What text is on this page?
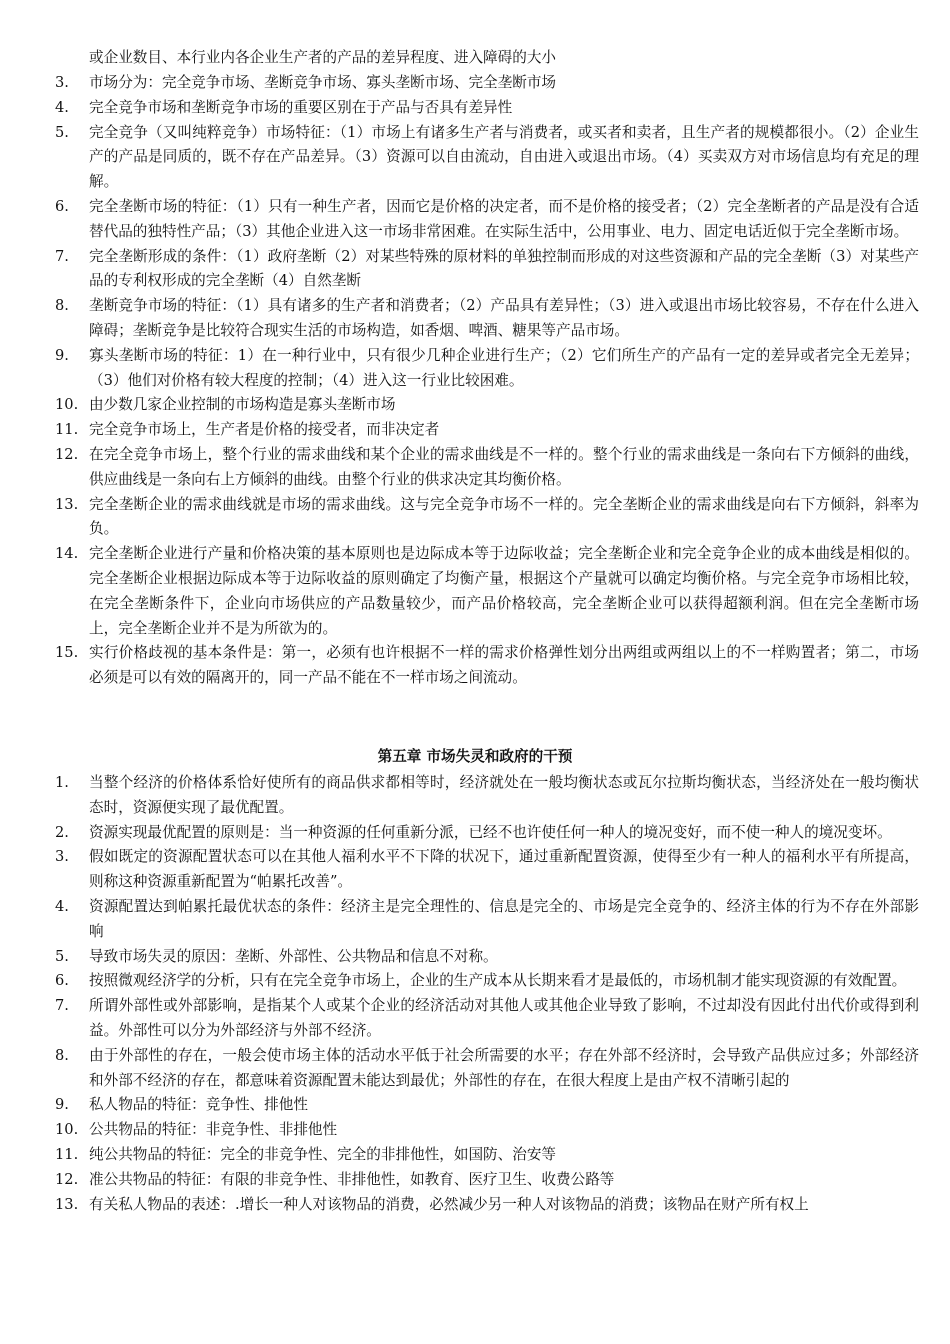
或企业数目、本行业内各企业生产者的产品的差异程度、进入障碍的大小

3. 市场分为：完全竞争市场、垄断竞争市场、寡头垄断市场、完全垄断市场
4. 完全竞争市场和垄断竞争市场的重要区别在于产品与否具有差异性
5. 完全竞争（又叫纯粹竞争）市场特征：（1）市场上有诸多生产者与消费者，或买者和卖者，且生产者的规模都很小。（2）企业生产的产品是同质的，既不存在产品差异。（3）资源可以自由流动，自由进入或退出市场。（4）买卖双方对市场信息均有充足的理解。
6. 完全垄断市场的特征：（1）只有一种生产者，因而它是价格的决定者，而不是价格的接受者；（2）完全垄断者的产品是没有合适替代品的独特性产品；（3）其他企业进入这一市场非常困难。在实际生活中，公用事业、电力、固定电话近似于完全垄断市场。
7. 完全垄断形成的条件：（1）政府垄断（2）对某些特殊的原材料的单独控制而形成的对这些资源和产品的完全垄断（3）对某些产品的专利权形成的完全垄断（4）自然垄断
8. 垄断竞争市场的特征：（1）具有诸多的生产者和消费者；（2）产品具有差异性；（3）进入或退出市场比较容易，不存在什么进入障碍；垄断竞争是比较符合现实生活的市场构造，如香烟、啤酒、糖果等产品市场。
9. 寡头垄断市场的特征：1）在一种行业中，只有很少几种企业进行生产；（2）它们所生产的产品有一定的差异或者完全无差异；（3）他们对价格有较大程度的控制；（4）进入这一行业比较困难。
10. 由少数几家企业控制的市场构造是寡头垄断市场
11. 完全竞争市场上，生产者是价格的接受者，而非决定者
12. 在完全竞争市场上，整个行业的需求曲线和某个企业的需求曲线是不一样的。整个行业的需求曲线是一条向右下方倾斜的曲线，供应曲线是一条向右上方倾斜的曲线。由整个行业的供求决定其均衡价格。
13. 完全垄断企业的需求曲线就是市场的需求曲线。这与完全竞争市场不一样的。完全垄断企业的需求曲线是向右下方倾斜，斜率为负。
14. 完全垄断企业进行产量和价格决策的基本原则也是边际成本等于边际收益；完全垄断企业和完全竞争企业的成本曲线是相似的。完全垄断企业根据边际成本等于边际收益的原则确定了均衡产量，根据这个产量就可以确定均衡价格。与完全竞争市场相比较，在完全垄断条件下，企业向市场供应的产品数量较少，而产品价格较高，完全垄断企业可以获得超额利润。但在完全垄断市场上，完全垄断企业并不是为所欲为的。
15. 实行价格歧视的基本条件是：第一，必须有也许根据不一样的需求价格弹性划分出两组或两组以上的不一样购置者；第二，市场必须是可以有效的隔离开的，同一产品不能在不一样市场之间流动。
第五章 市场失灵和政府的干预
1. 当整个经济的价格体系恰好使所有的商品供求都相等时，经济就处在一般均衡状态或瓦尔拉斯均衡状态，当经济处在一般均衡状态时，资源便实现了最优配置。
2. 资源实现最优配置的原则是：当一种资源的任何重新分派，已经不也许使任何一种人的境况变好，而不使一种人的境况变坏。
3. 假如既定的资源配置状态可以在其他人福利水平不下降的状况下，通过重新配置资源，使得至少有一种人的福利水平有所提高，则称这种资源重新配置为“帕累托改善”。
4. 资源配置达到帕累托最优状态的条件：经济主是完全理性的、信息是完全的、市场是完全竞争的、经济主体的行为不存在外部影响
5. 导致市场失灵的原因：垄断、外部性、公共物品和信息不对称。
6. 按照微观经济学的分析，只有在完全竞争市场上，企业的生产成本从长期来看才是最低的，市场机制才能实现资源的有效配置。
7. 所谓外部性或外部影响，是指某个人或某个企业的经济活动对其他人或其他企业导致了影响，不过却没有因此付出代价或得到利益。外部性可以分为外部经济与外部不经济。
8. 由于外部性的存在，一般会使市场主体的活动水平低于社会所需要的水平；存在外部不经济时，会导致产品供应过多；外部经济和外部不经济的存在，都意味着资源配置未能达到最优；外部性的存在，在很大程度上是由产权不清晰引起的
9. 私人物品的特征：竞争性、排他性
10. 公共物品的特征：非竞争性、非排他性
11. 纯公共物品的特征：完全的非竞争性、完全的非排他性，如国防、治安等
12. 准公共物品的特征：有限的非竞争性、非排他性，如教育、医疗卫生、收费公路等
13. 有关私人物品的表述：.增长一种人对该物品的消费，必然减少另一种人对该物品的消费；该物品在财产所有权上
